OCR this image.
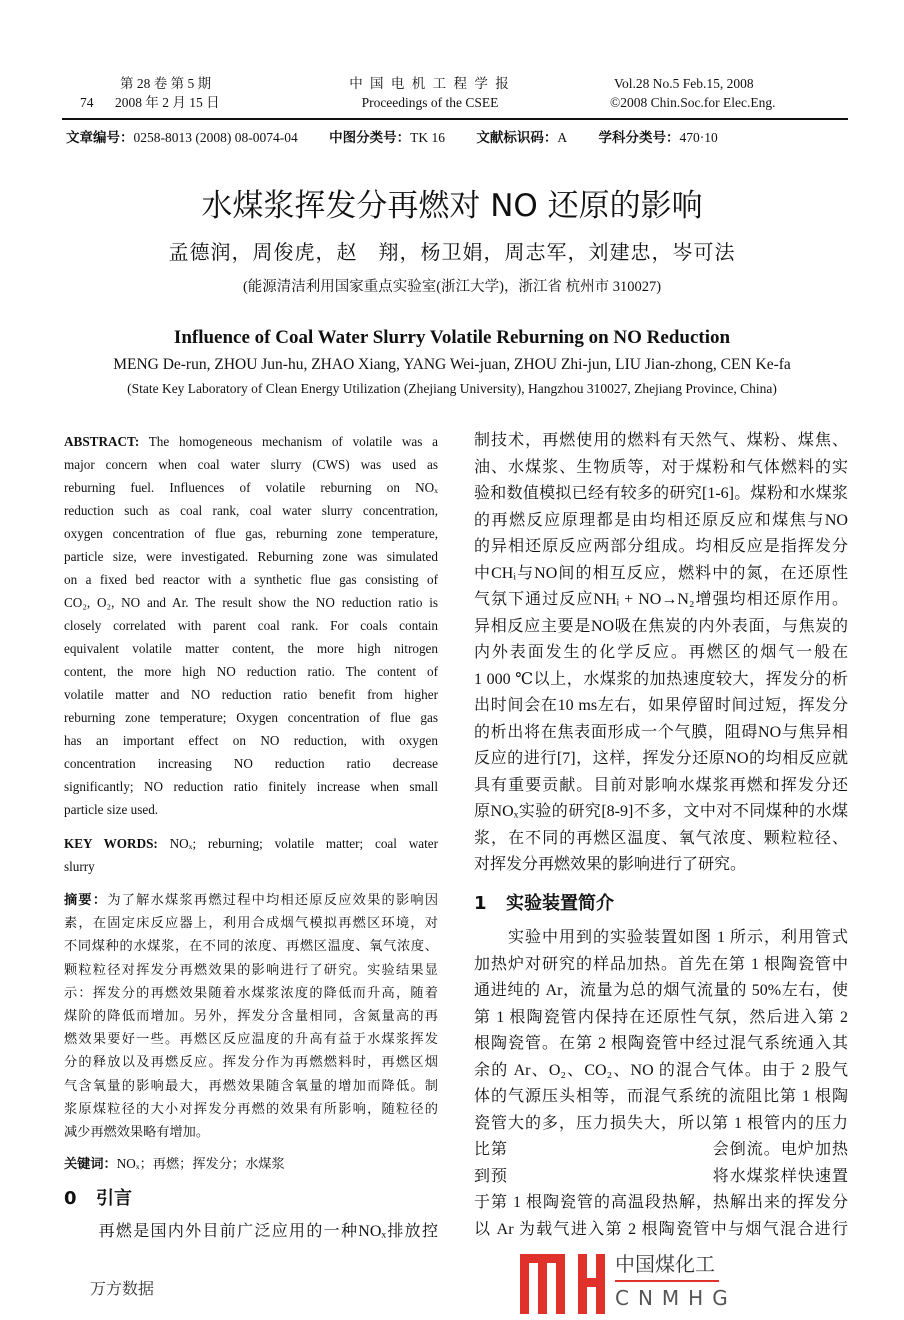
第 28 卷 第 5 期
74 2008 年 2 月 15 日
中 国 电 机 工 程 学 报
Proceedings of the CSEE
Vol.28 No.5 Feb.15, 2008
©2008 Chin.Soc.for Elec.Eng.
文章编号：0258-8013 (2008) 08-0074-04 中图分类号：TK 16 文献标识码：A 学科分类号：470·10
水煤浆挥发分再燃对 NO 还原的影响
孟德润，周俊虎，赵　翔，杨卫娟，周志军，刘建忠，岑可法
(能源清洁利用国家重点实验室(浙江大学)，浙江省 杭州市 310027)
Influence of Coal Water Slurry Volatile Reburning on NO Reduction
MENG De-run, ZHOU Jun-hu, ZHAO Xiang, YANG Wei-juan, ZHOU Zhi-jun, LIU Jian-zhong, CEN Ke-fa
(State Key Laboratory of Clean Energy Utilization (Zhejiang University), Hangzhou 310027, Zhejiang Province, China)
ABSTRACT: The homogeneous mechanism of volatile was a
major concern when coal water slurry (CWS) was used as
reburning fuel. Influences of volatile reburning on NOₓ
reduction such as coal rank, coal water slurry concentration,
oxygen concentration of flue gas, reburning zone temperature,
particle size, were investigated. Reburning zone was simulated
on a fixed bed reactor with a synthetic flue gas consisting of
CO₂, O₂, NO and Ar. The result show the NO reduction ratio is
closely correlated with parent coal rank. For coals contain
equivalent volatile matter content, the more high nitrogen
content, the more high NO reduction ratio. The content of
volatile matter and NO reduction ratio benefit from higher
reburning zone temperature; Oxygen concentration of flue gas
has an important effect on NO reduction, with oxygen
concentration increasing NO reduction ratio decrease
significantly; NO reduction ratio finitely increase when small
particle size used.
KEY WORDS: NOₓ; reburning; volatile matter; coal water
slurry
摘要：为了解水煤浆再燃过程中均相还原反应效果的影响因
素，在固定床反应器上，利用合成烟气模拟再燃区环境，对
不同煤种的水煤浆，在不同的浓度、再燃区温度、氧气浓度、
颗粒粒径对挥发分再燃效果的影响进行了研究。实验结果显
示：挥发分的再燃效果随着水煤浆浓度的降低而升高，随着
煤阶的降低而增加。另外，挥发分含量相同，含氮量高的再
燃效果要好一些。再燃区反应温度的升高有益于水煤浆挥发
分的释放以及再燃反应。挥发分作为再燃燃料时，再燃区烟
气含氧量的影响最大，再燃效果随含氧量的增加而降低。制
浆原煤粒径的大小对挥发分再燃的效果有所影响，随粒径的
减少再燃效果略有增加。
关键词：NOₓ；再燃；挥发分；水煤浆
0 引言
　　再燃是国内外目前广泛应用的一种NOₓ排放控
制技术，再燃使用的燃料有天然气、煤粉、煤焦、
油、水煤浆、生物质等，对于煤粉和气体燃料的实
验和数值模拟已经有较多的研究[1-6]。煤粉和水煤浆
的再燃反应原理都是由均相还原反应和煤焦与NO
的异相还原反应两部分组成。均相反应是指挥发分
中CHᵢ与NO间的相互反应，燃料中的氮，在还原性
气氛下通过反应NHᵢ + NO→N₂增强均相还原作用。
异相反应主要是NO吸在焦炭的内外表面，与焦炭的
内外表面发生的化学反应。再燃区的烟气一般在
1 000 ℃以上，水煤浆的加热速度较大，挥发分的析
出时间会在10 ms左右，如果停留时间过短，挥发分
的析出将在焦表面形成一个气膜，阻碍NO与焦异相
反应的进行[7]，这样，挥发分还原NO的均相反应就
具有重要贡献。目前对影响水煤浆再燃和挥发分还
原NOₓ实验的研究[8-9]不多，文中对不同煤种的水煤
浆，在不同的再燃区温度、氧气浓度、颗粒粒径、
对挥发分再燃效果的影响进行了研究。
1 实验装置简介
　　实验中用到的实验装置如图 1 所示，利用管式
加热炉对研究的样品加热。首先在第 1 根陶瓷管中
通进纯的 Ar，流量为总的烟气流量的 50%左右，使
第 1 根陶瓷管内保持在还原性气氛，然后进入第 2
根陶瓷管。在第 2 根陶瓷管中经过混气系统通入其
余的 Ar、O₂、CO₂、NO 的混合气体。由于 2 股气
体的气源压头相等，而混气系统的流阻比第 1 根陶
瓷管大的多，压力损失大，所以第 1 根管内的压力
比第　　　　　　　　　　　　会倒流。电炉加热
到预　　　　　　　　　　　　将水煤浆样快速置
于第 1 根陶瓷管的高温段热解，热解出来的挥发分
以 Ar 为载气进入第 2 根陶瓷管中与烟气混合进行
中国煤化工
CNMHG
万方数据
